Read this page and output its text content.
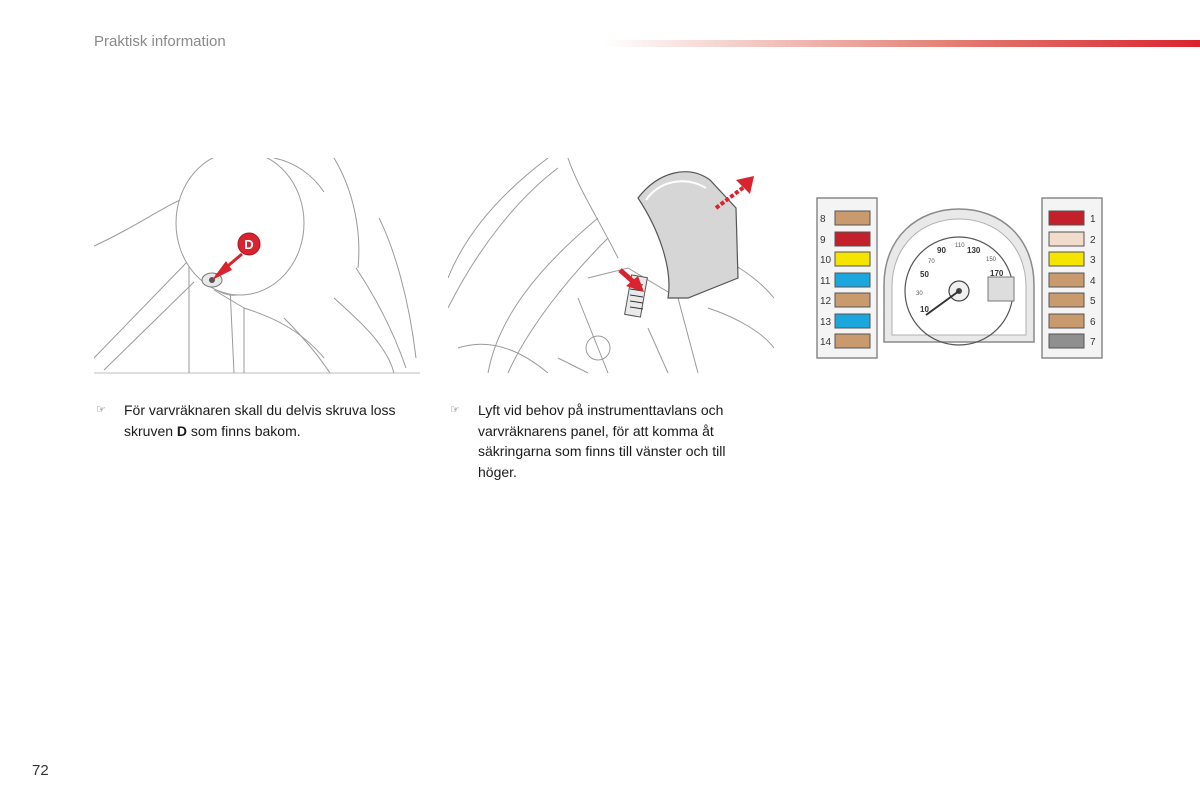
Praktisk information
D
8
9
10
11
12
13
14
1
2
3
4
5
6
7
10
30
50
70
90 110 130
150
170
☞	För varvräknaren skall du delvis skruva loss skruven D som finns bakom.
☞	Lyft vid behov på instrumenttavlans och varvräknarens panel, för att komma åt säkringarna som finns till vänster och till höger.
72
